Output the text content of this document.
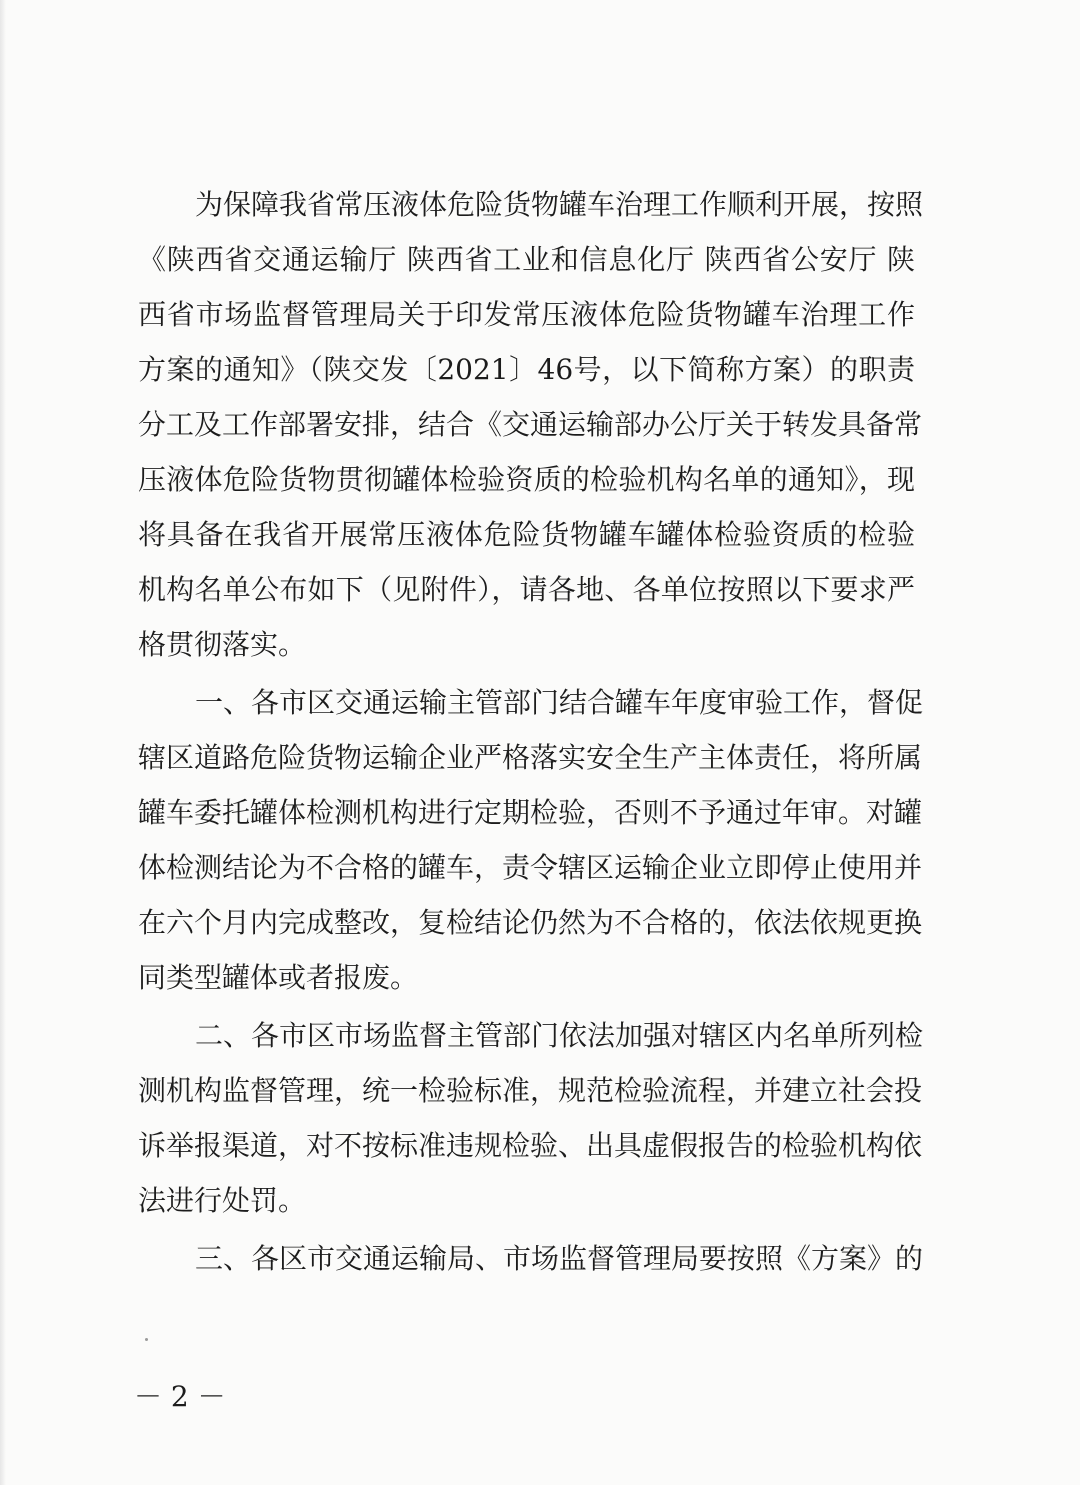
为保障我省常压液体危险货物罐车治理工作顺利开展，按照
《陕西省交通运输厅 陕西省工业和信息化厅 陕西省公安厅 陕
西省市场监督管理局关于印发常压液体危险货物罐车治理工作
方案的通知》（陕交发〔2021〕46号，以下简称方案）的职责
分工及工作部署安排，结合《交通运输部办公厅关于转发具备常
压液体危险货物贯彻罐体检验资质的检验机构名单的通知》，现
将具备在我省开展常压液体危险货物罐车罐体检验资质的检验
机构名单公布如下（见附件），请各地、各单位按照以下要求严
格贯彻落实。
一、各市区交通运输主管部门结合罐车年度审验工作，督促
辖区道路危险货物运输企业严格落实安全生产主体责任，将所属
罐车委托罐体检测机构进行定期检验，否则不予通过年审。对罐
体检测结论为不合格的罐车，责令辖区运输企业立即停止使用并
在六个月内完成整改，复检结论仍然为不合格的，依法依规更换
同类型罐体或者报废。
二、各市区市场监督主管部门依法加强对辖区内名单所列检
测机构监督管理，统一检验标准，规范检验流程，并建立社会投
诉举报渠道，对不按标准违规检验、出具虚假报告的检验机构依
法进行处罚。
三、各区市交通运输局、市场监督管理局要按照《方案》的
－ 2 －
